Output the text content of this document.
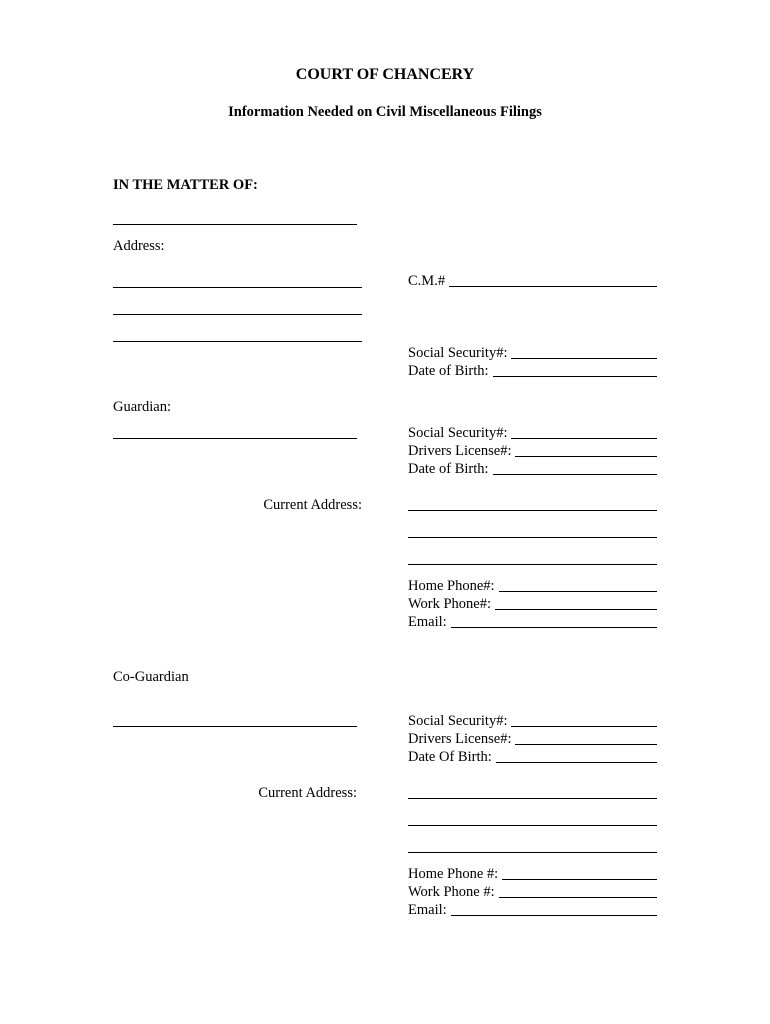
COURT OF CHANCERY
Information Needed on Civil Miscellaneous Filings
IN THE MATTER OF:
Address:
C.M.#
Social Security#:
Date of Birth:
Guardian:
Social Security#:
Drivers License#:
Date of Birth:
Current Address:
Home Phone#:
Work Phone#:
Email:
Co-Guardian
Social Security#:
Drivers License#:
Date Of Birth:
Current Address:
Home Phone #:
Work Phone #:
Email:
